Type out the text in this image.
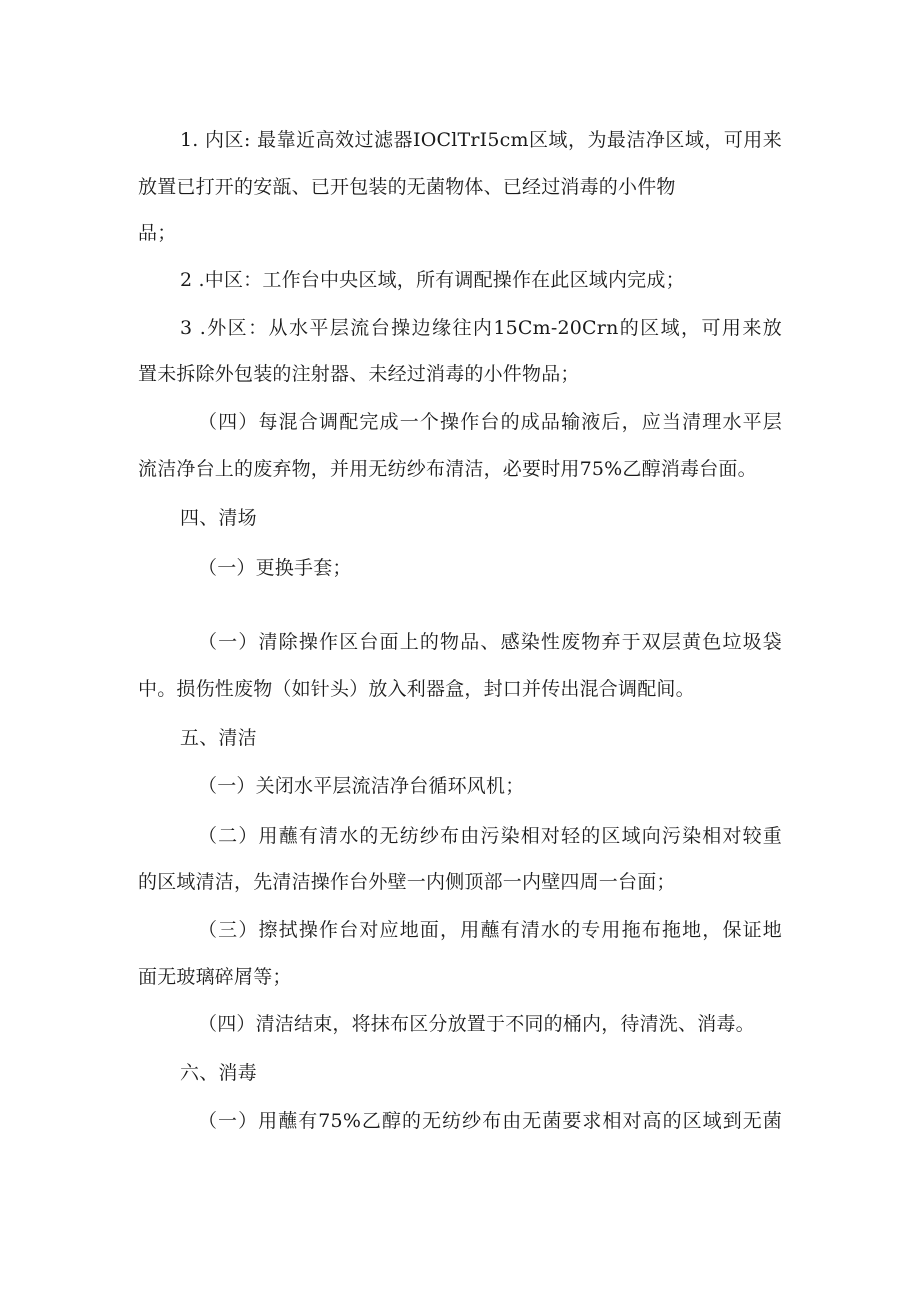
1. 内区: 最靠近高效过滤器IOClTrI5cm区域，为最洁净区域，可用来

放置已打开的安瓿、已开包装的无菌物体、已经过消毒的小件物

品；

2 .中区：工作台中央区域，所有调配操作在此区域内完成；

3 .外区：从水平层流台操边缘往内15Cm-20Crn的区域，可用来放

置未拆除外包装的注射器、未经过消毒的小件物品；

（四）每混合调配完成一个操作台的成品输液后，应当清理水平层

流洁净台上的废弃物，并用无纺纱布清洁，必要时用75%乙醇消毒台面。

四、清场

（一）更换手套；

（一）清除操作区台面上的物品、感染性废物弃于双层黄色垃圾袋

中。损伤性废物（如针头）放入利器盒，封口并传出混合调配间。

五、清洁

（一）关闭水平层流洁净台循环风机；

（二）用蘸有清水的无纺纱布由污染相对轻的区域向污染相对较重

的区域清洁，先清洁操作台外壁一内侧顶部一内壁四周一台面；

（三）擦拭操作台对应地面，用蘸有清水的专用拖布拖地，保证地

面无玻璃碎屑等；

（四）清洁结束，将抹布区分放置于不同的桶内，待清洗、消毒。

六、消毒

（一）用蘸有75%乙醇的无纺纱布由无菌要求相对高的区域到无菌
